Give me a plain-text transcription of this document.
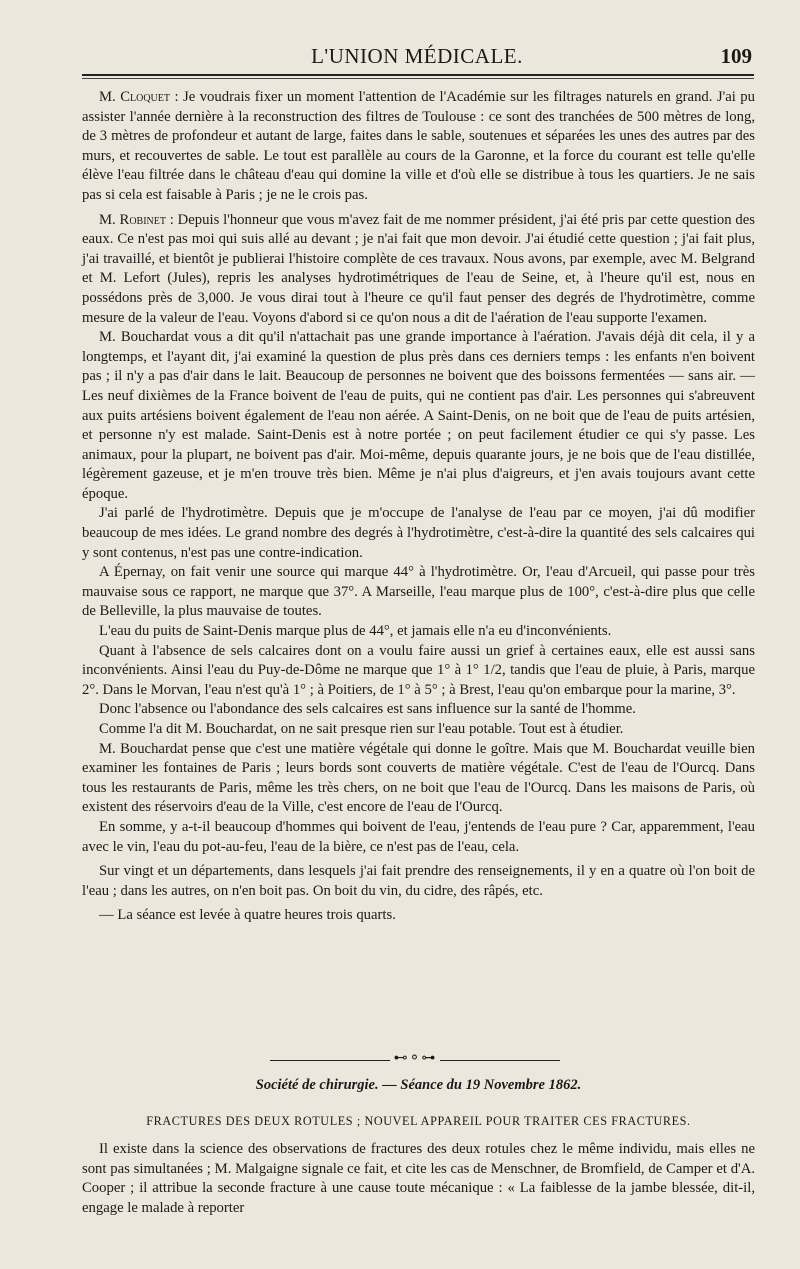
L'UNION MÉDICALE.	109

M. Cloquet : Je voudrais fixer un moment l'attention de l'Académie sur les filtrages naturels en grand. J'ai pu assister l'année dernière à la reconstruction des filtres de Toulouse : ce sont des tranchées de 500 mètres de long, de 3 mètres de profondeur et autant de large, faites dans le sable, soutenues et séparées les unes des autres par des murs, et recouvertes de sable. Le tout est parallèle au cours de la Garonne, et la force du courant est telle qu'elle élève l'eau filtrée dans le château d'eau qui domine la ville et d'où elle se distribue à tous les quartiers. Je ne sais pas si cela est faisable à Paris ; je ne le crois pas.

M. Robinet : Depuis l'honneur que vous m'avez fait de me nommer président, j'ai été pris par cette question des eaux. Ce n'est pas moi qui suis allé au devant ; je n'ai fait que mon devoir. J'ai étudié cette question ; j'ai fait plus, j'ai travaillé, et bientôt je publierai l'histoire complète de ces travaux. Nous avons, par exemple, avec M. Belgrand et M. Lefort (Jules), repris les analyses hydrotimétriques de l'eau de Seine, et, à l'heure qu'il est, nous en possédons près de 3,000. Je vous dirai tout à l'heure ce qu'il faut penser des degrés de l'hydrotimètre, comme mesure de la valeur de l'eau. Voyons d'abord si ce qu'on nous a dit de l'aération de l'eau supporte l'examen.

M. Bouchardat vous a dit qu'il n'attachait pas une grande importance à l'aération. J'avais déjà dit cela, il y a longtemps, et l'ayant dit, j'ai examiné la question de plus près dans ces derniers temps : les enfants n'en boivent pas ; il n'y a pas d'air dans le lait. Beaucoup de personnes ne boivent que des boissons fermentées — sans air. — Les neuf dixièmes de la France boivent de l'eau de puits, qui ne contient pas d'air. Les personnes qui s'abreuvent aux puits artésiens boivent également de l'eau non aérée. A Saint-Denis, on ne boit que de l'eau de puits artésien, et personne n'y est malade. Saint-Denis est à notre portée ; on peut facilement étudier ce qui s'y passe. Les animaux, pour la plupart, ne boivent pas d'air. Moi-même, depuis quarante jours, je ne bois que de l'eau distillée, légèrement gazeuse, et je m'en trouve très bien. Même je n'ai plus d'aigreurs, et j'en avais toujours avant cette époque.

J'ai parlé de l'hydrotimètre. Depuis que je m'occupe de l'analyse de l'eau par ce moyen, j'ai dû modifier beaucoup de mes idées. Le grand nombre des degrés à l'hydrotimètre, c'est-à-dire la quantité des sels calcaires qui y sont contenus, n'est pas une contre-indication.

A Épernay, on fait venir une source qui marque 44° à l'hydrotimètre. Or, l'eau d'Arcueil, qui passe pour très mauvaise sous ce rapport, ne marque que 37°. A Marseille, l'eau marque plus de 100°, c'est-à-dire plus que celle de Belleville, la plus mauvaise de toutes.

L'eau du puits de Saint-Denis marque plus de 44°, et jamais elle n'a eu d'inconvénients.

Quant à l'absence de sels calcaires dont on a voulu faire aussi un grief à certaines eaux, elle est aussi sans inconvénients. Ainsi l'eau du Puy-de-Dôme ne marque que 1° à 1° 1/2, tandis que l'eau de pluie, à Paris, marque 2°. Dans le Morvan, l'eau n'est qu'à 1° ; à Poitiers, de 1° à 5° ; à Brest, l'eau qu'on embarque pour la marine, 3°.

Donc l'absence ou l'abondance des sels calcaires est sans influence sur la santé de l'homme.

Comme l'a dit M. Bouchardat, on ne sait presque rien sur l'eau potable. Tout est à étudier.

M. Bouchardat pense que c'est une matière végétale qui donne le goître. Mais que M. Bouchardat veuille bien examiner les fontaines de Paris ; leurs bords sont couverts de matière végétale. C'est de l'eau de l'Ourcq. Dans tous les restaurants de Paris, même les très chers, on ne boit que l'eau de l'Ourcq. Dans les maisons de Paris, où existent des réservoirs d'eau de la Ville, c'est encore de l'eau de l'Ourcq.

En somme, y a-t-il beaucoup d'hommes qui boivent de l'eau, j'entends de l'eau pure ? Car, apparemment, l'eau avec le vin, l'eau du pot-au-feu, l'eau de la bière, ce n'est pas de l'eau, cela.

Sur vingt et un départements, dans lesquels j'ai fait prendre des renseignements, il y en a quatre où l'on boit de l'eau ; dans les autres, on n'en boit pas. On boit du vin, du cidre, des râpés, etc.

— La séance est levée à quatre heures trois quarts.

⊷⚬⊶
Société de chirurgie. — Séance du 19 Novembre 1862.
FRACTURES DES DEUX ROTULES ; NOUVEL APPAREIL POUR TRAITER CES FRACTURES.

Il existe dans la science des observations de fractures des deux rotules chez le même individu, mais elles ne sont pas simultanées ; M. Malgaigne signale ce fait, et cite les cas de Menschner, de Bromfield, de Camper et d'A. Cooper ; il attribue la seconde fracture à une cause toute mécanique : « La faiblesse de la jambe blessée, dit-il, engage le malade à reporter
